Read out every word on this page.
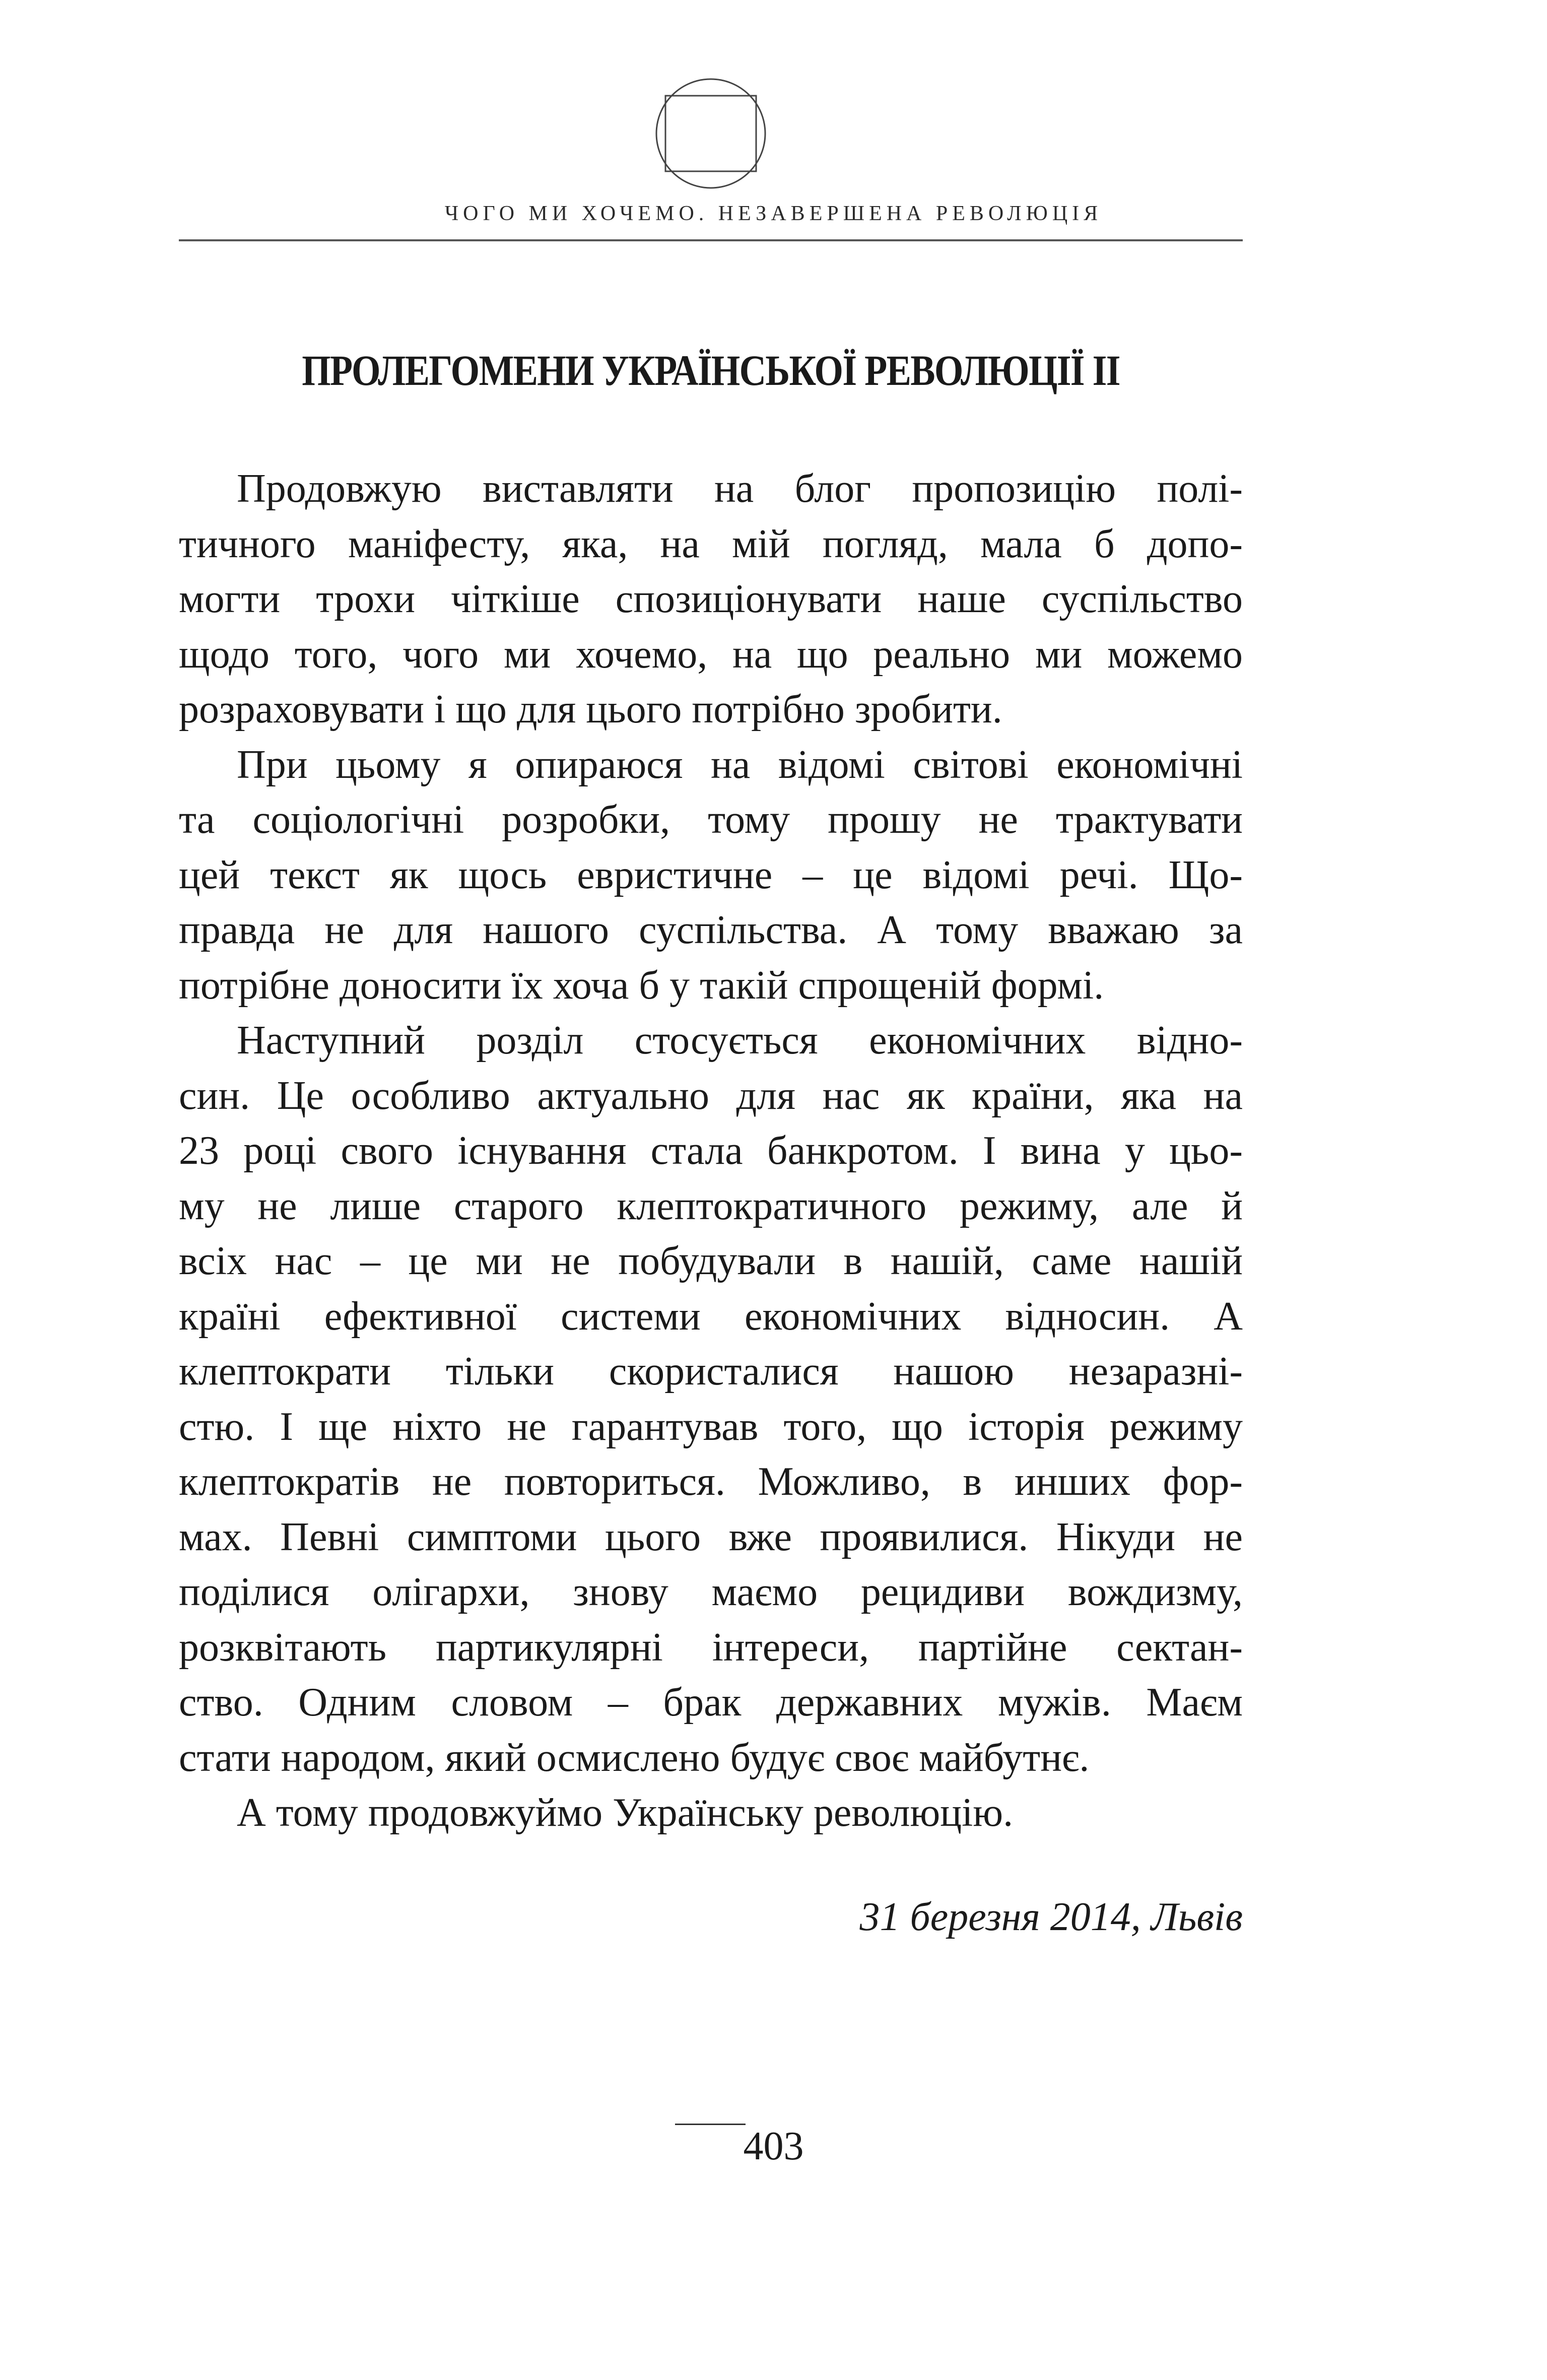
ЧОГО МИ ХОЧЕМО. НЕЗАВЕРШЕНА РЕВОЛЮЦІЯ
ПРОЛЕГОМЕНИ УКРАЇНСЬКОЇ РЕВОЛЮЦІЇ II
Продовжую виставляти на блог пропозицію полі-
тичного маніфесту, яка, на мій погляд, мала б допо-
могти трохи чіткіше спозиціонувати наше суспільство
щодо того, чого ми хочемо, на що реально ми можемо
розраховувати і що для цього потрібно зробити.
При цьому я опираюся на відомі світові економічні
та соціологічні розробки, тому прошу не трактувати
цей текст як щось евристичне – це відомі речі. Що-
правда не для нашого суспільства. А тому вважаю за
потрібне доносити їх хоча б у такій спрощеній формі.
Наступний розділ стосується економічних відно-
син. Це особливо актуально для нас як країни, яка на
23 році свого існування стала банкротом. І вина у цьо-
му не лише старого клептократичного режиму, але й
всіх нас – це ми не побудували в нашій, саме нашій
країні ефективної системи економічних відносин. А
клептократи тільки скористалися нашою незаразні-
стю. І ще ніхто не гарантував того, що історія режиму
клептократів не повториться. Можливо, в инших фор-
мах. Певні симптоми цього вже проявилися. Нікуди не
поділися олігархи, знову маємо рецидиви вождизму,
розквітають партикулярні інтереси, партійне сектан-
ство. Одним словом – брак державних мужів. Маєм
стати народом, який осмислено будує своє майбутнє.
А тому продовжуймо Українську революцію.
31 березня 2014, Львів
403
